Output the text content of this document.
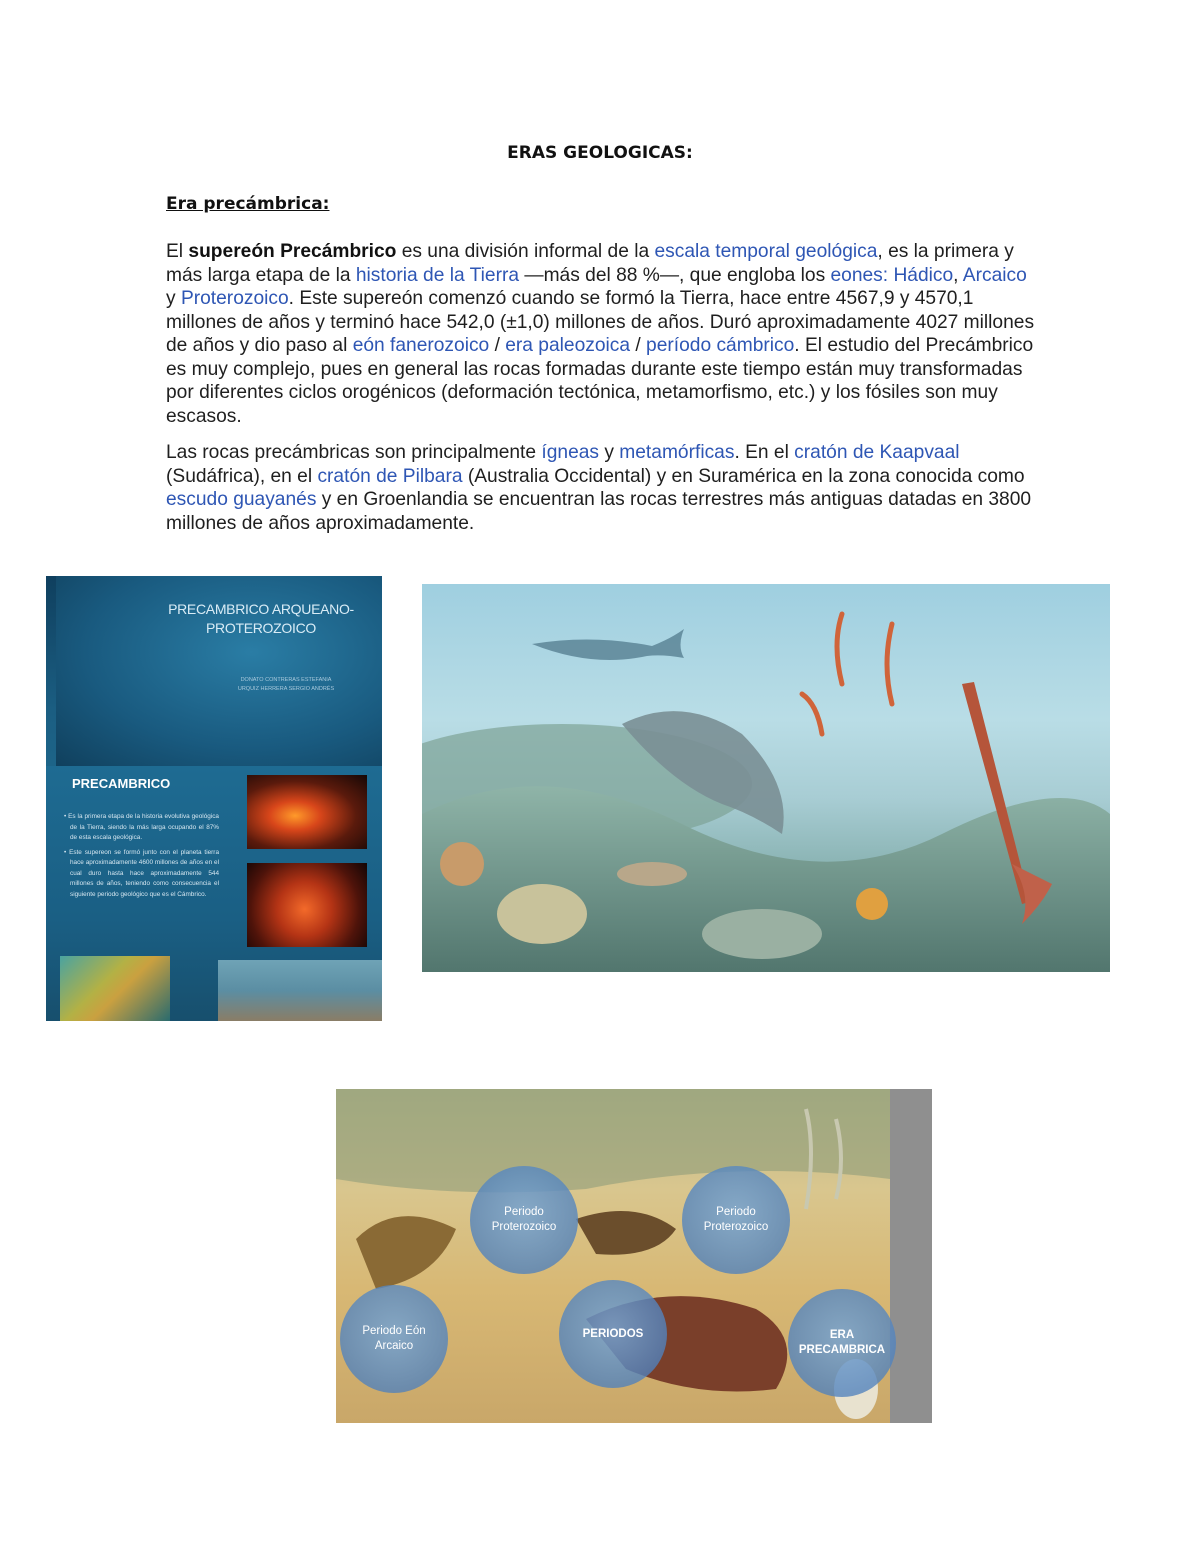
ERAS GEOLOGICAS:
Era precámbrica:

El supereón Precámbrico es una división informal de la escala temporal geológica, es la primera y más larga etapa de la historia de la Tierra —más del 88 %—, que engloba los eones: Hádico, Arcaico y Proterozoico. Este supereón comenzó cuando se formó la Tierra, hace entre 4567,9 y 4570,1 millones de años y terminó hace 542,0 (±1,0) millones de años. Duró aproximadamente 4027 millones de años y dio paso al eón fanerozoico / era paleozoica / período cámbrico. El estudio del Precámbrico es muy complejo, pues en general las rocas formadas durante este tiempo están muy transformadas por diferentes ciclos orogénicos (deformación tectónica, metamorfismo, etc.) y los fósiles son muy escasos.

Las rocas precámbricas son principalmente ígneas y metamórficas. En el cratón de Kaapvaal (Sudáfrica), en el cratón de Pilbara (Australia Occidental) y en Suramérica en la zona conocida como escudo guayanés y en Groenlandia se encuentran las rocas terrestres más antiguas datadas en 3800 millones de años aproximadamente.

PRECAMBRICO ARQUEANO-PROTEROZOICO
DONATO CONTRERAS ESTEFANIA
URQUIZ HERRERA SERGIO ANDRÉS
PRECAMBRICO
• Es la primera etapa de la historia evolutiva geológica de la Tierra, siendo la más larga ocupando el 87% de esta escala geológica.
• Este supereon se formó junto con el planeta tierra hace aproximadamente 4600 millones de años en el cual duro hasta hace aproximadamente 544 millones de años, teniendo como consecuencia el siguiente periodo geológico que es el Cámbrico.
Periodo Proterozoico
Periodo Proterozoico
Periodo Eón Arcaico
PERIODOS	ERA PRECAMBRICA
